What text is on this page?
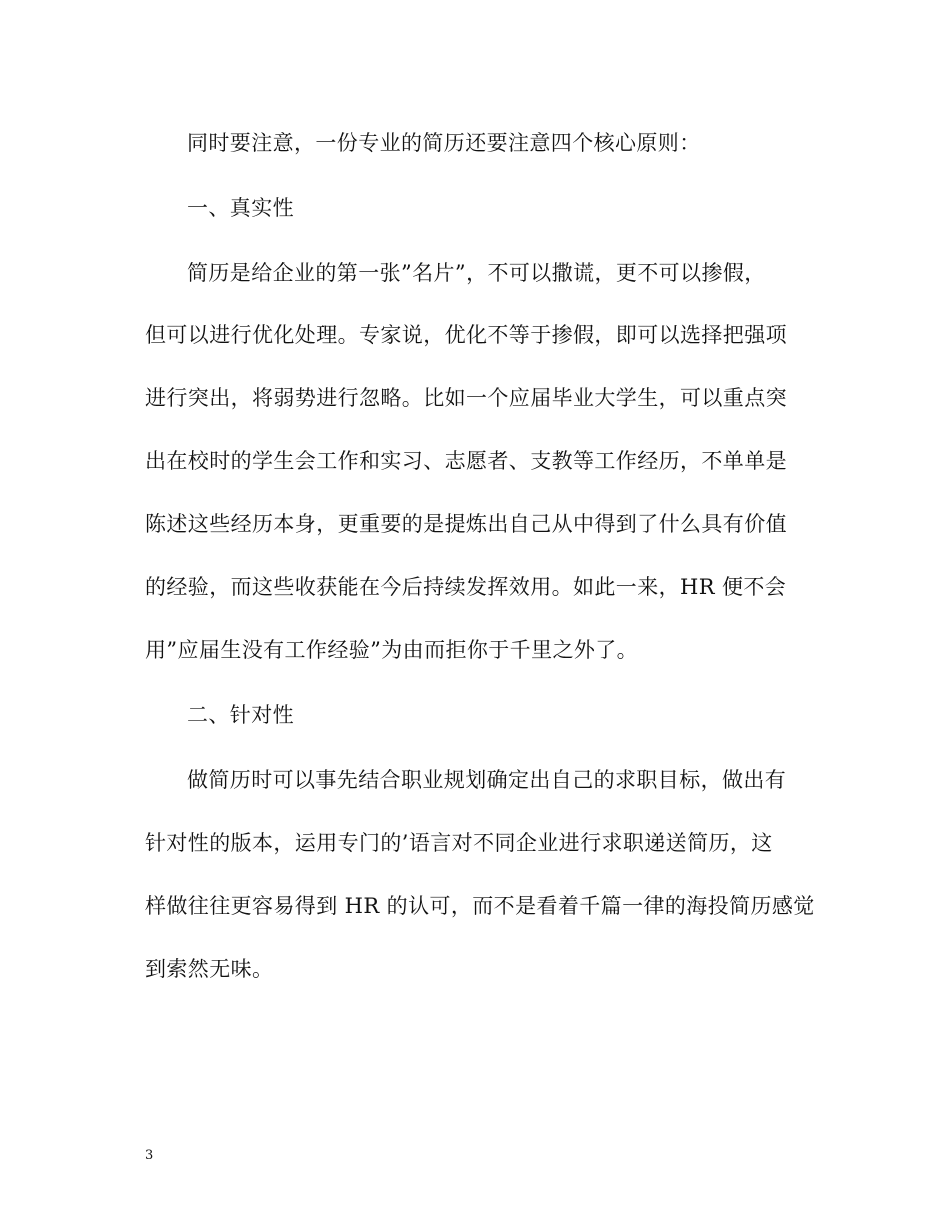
同时要注意，一份专业的简历还要注意四个核心原则：
一、真实性
简历是给企业的第一张”名片”，不可以撒谎，更不可以掺假，
但可以进行优化处理。专家说，优化不等于掺假，即可以选择把强项
进行突出，将弱势进行忽略。比如一个应届毕业大学生，可以重点突
出在校时的学生会工作和实习、志愿者、支教等工作经历，不单单是
陈述这些经历本身，更重要的是提炼出自己从中得到了什么具有价值
的经验，而这些收获能在今后持续发挥效用。如此一来，HR 便不会
用”应届生没有工作经验”为由而拒你于千里之外了。
二、针对性
做简历时可以事先结合职业规划确定出自己的求职目标，做出有
针对性的版本，运用专门的’语言对不同企业进行求职递送简历，这
样做往往更容易得到 HR 的认可，而不是看着千篇一律的海投简历感觉
到索然无味。
3
